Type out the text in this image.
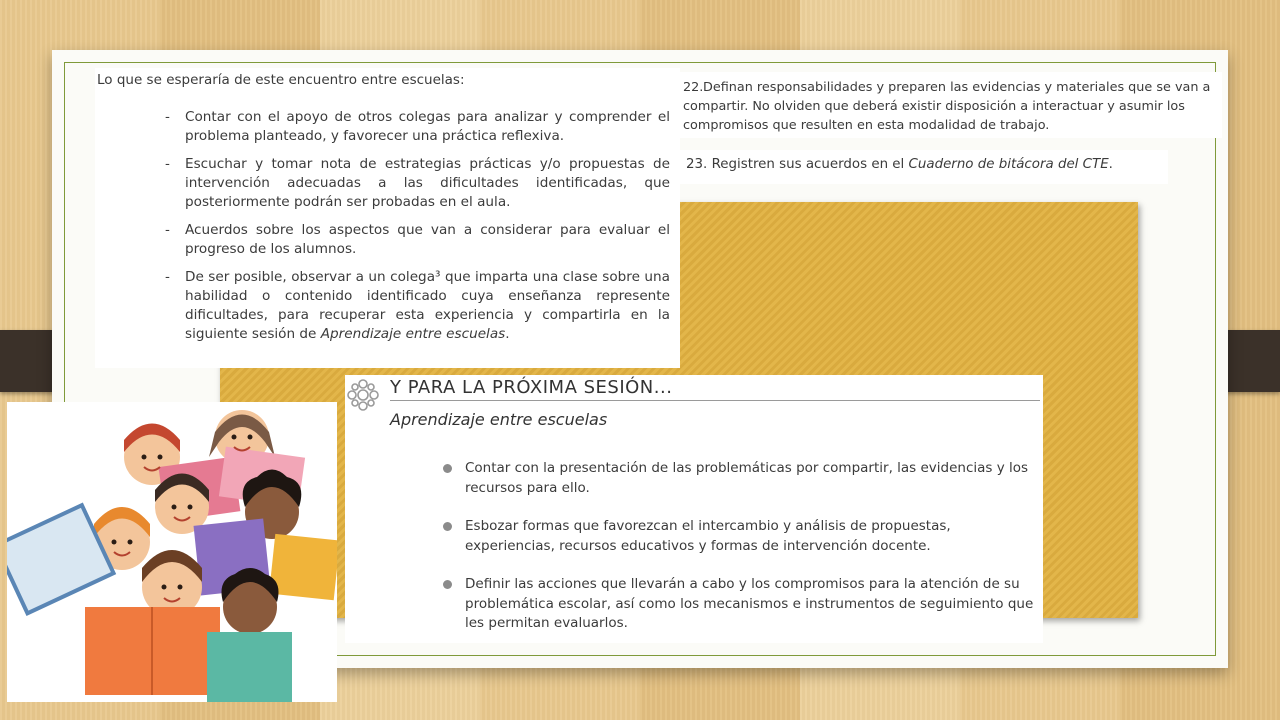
Lo que se esperaría de este encuentro entre escuelas:
- Contar con el apoyo de otros colegas para analizar y comprender el problema planteado, y favorecer una práctica reflexiva.
- Escuchar y tomar nota de estrategias prácticas y/o propuestas de intervención adecuadas a las dificultades identificadas, que posteriormente podrán ser probadas en el aula.
- Acuerdos sobre los aspectos que van a considerar para evaluar el progreso de los alumnos.
- De ser posible, observar a un colega³ que imparta una clase sobre una habilidad o contenido identificado cuya enseñanza represente dificultades, para recuperar esta experiencia y compartirla en la siguiente sesión de Aprendizaje entre escuelas.
22.Definan responsabilidades y preparen las evidencias y materiales que se van a compartir. No olviden que deberá existir disposición a interactuar y asumir los compromisos que resulten en esta modalidad de trabajo.
23. Registren sus acuerdos en el Cuaderno de bitácora del CTE.
Y PARA LA PRÓXIMA SESIÓN...
Aprendizaje entre escuelas
Contar con la presentación de las problemáticas por compartir, las evidencias y los recursos para ello.
Esbozar formas que favorezcan el intercambio y análisis de propuestas, experiencias, recursos educativos y formas de intervención docente.
Definir las acciones que llevarán a cabo y los compromisos para la atención de su problemática escolar, así como los mecanismos e instrumentos de seguimiento que les permitan evaluarlos.
